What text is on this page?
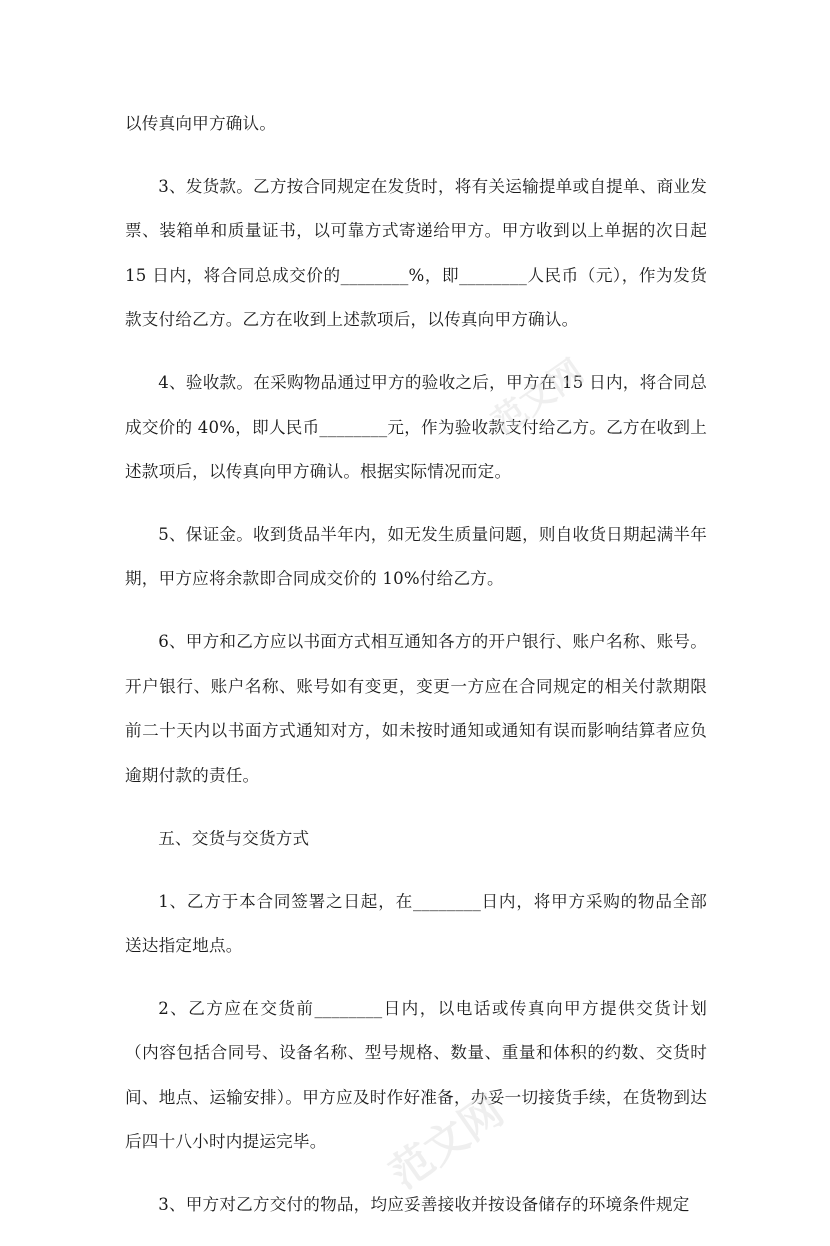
以传真向甲方确认。

3、发货款。乙方按合同规定在发货时，将有关运输提单或自提单、商业发票、装箱单和质量证书，以可靠方式寄递给甲方。甲方收到以上单据的次日起 15 日内，将合同总成交价的________%，即________人民币（元），作为发货款支付给乙方。乙方在收到上述款项后，以传真向甲方确认。

4、验收款。在采购物品通过甲方的验收之后，甲方在 15 日内，将合同总成交价的 40%，即人民币________元，作为验收款支付给乙方。乙方在收到上述款项后，以传真向甲方确认。根据实际情况而定。

5、保证金。收到货品半年内，如无发生质量问题，则自收货日期起满半年期，甲方应将余款即合同成交价的 10%付给乙方。

6、甲方和乙方应以书面方式相互通知各方的开户银行、账户名称、账号。开户银行、账户名称、账号如有变更，变更一方应在合同规定的相关付款期限前二十天内以书面方式通知对方，如未按时通知或通知有误而影响结算者应负逾期付款的责任。

五、交货与交货方式

1、乙方于本合同签署之日起，在________日内，将甲方采购的物品全部送达指定地点。

2、乙方应在交货前________日内，以电话或传真向甲方提供交货计划（内容包括合同号、设备名称、型号规格、数量、重量和体积的约数、交货时间、地点、运输安排）。甲方应及时作好准备，办妥一切接货手续，在货物到达后四十八小时内提运完毕。

3、甲方对乙方交付的物品，均应妥善接收并按设备储存的环境条件规定

范文网
范文网
